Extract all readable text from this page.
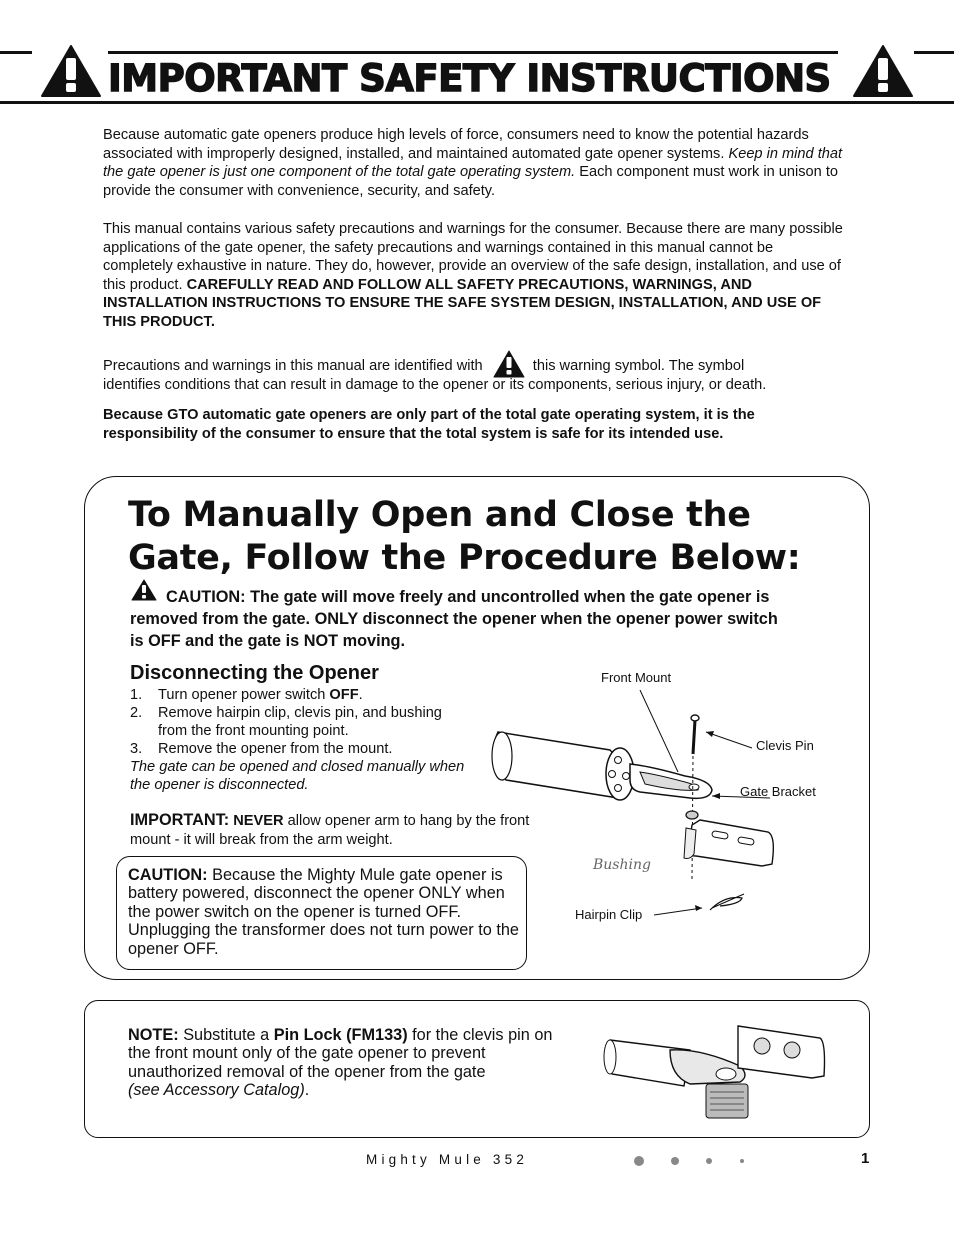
IMPORTANT SAFETY INSTRUCTIONS
Because automatic gate openers produce high levels of force, consumers need to know the potential hazards associated with improperly designed, installed, and maintained automated gate opener systems. Keep in mind that the gate opener is just one component of the total gate operating system. Each component must work in unison to provide the consumer with convenience, security, and safety.
This manual contains various safety precautions and warnings for the consumer. Because there are many possible applications of the gate opener, the safety precautions and warnings contained in this manual cannot be completely exhaustive in nature. They do, however, provide an overview of the safe design, installation, and use of this product. CAREFULLY READ AND FOLLOW ALL SAFETY PRECAUTIONS, WARNINGS, AND INSTALLATION INSTRUCTIONS TO ENSURE THE SAFE SYSTEM DESIGN, INSTALLATION, AND USE OF THIS PRODUCT.
Precautions and warnings in this manual are identified with	this warning symbol. The symbol
identifies conditions that can result in damage to the opener or its components, serious injury, or death.
Because GTO automatic gate openers are only part of the total gate operating system, it is the responsibility of the consumer to ensure that the total system is safe for its intended use.
To Manually Open and Close the
Gate, Follow the Procedure Below:
CAUTION: The gate will move freely and uncontrolled when the gate opener is removed from the gate. ONLY disconnect the opener when the opener power switch is OFF and the gate is NOT moving.
Disconnecting the Opener
1. Turn opener power switch OFF.
2. Remove hairpin clip, clevis pin, and bushing from the front mounting point.
3. Remove the opener from the mount.
The gate can be opened and closed manually when the opener is disconnected.
IMPORTANT: NEVER allow opener arm to hang by the front mount - it will break from the arm weight.
CAUTION: Because the Mighty Mule gate opener is battery powered, disconnect the opener ONLY when the power switch on the opener is turned OFF. Unplugging the transformer does not turn power to the opener OFF.
Front Mount
Clevis Pin
Gate Bracket
Bushing
Hairpin Clip
NOTE: Substitute a Pin Lock (FM133) for the clevis pin on the front mount only of the gate opener to prevent unauthorized removal of the opener from the gate
(see Accessory Catalog).
Mighty Mule 352	1
